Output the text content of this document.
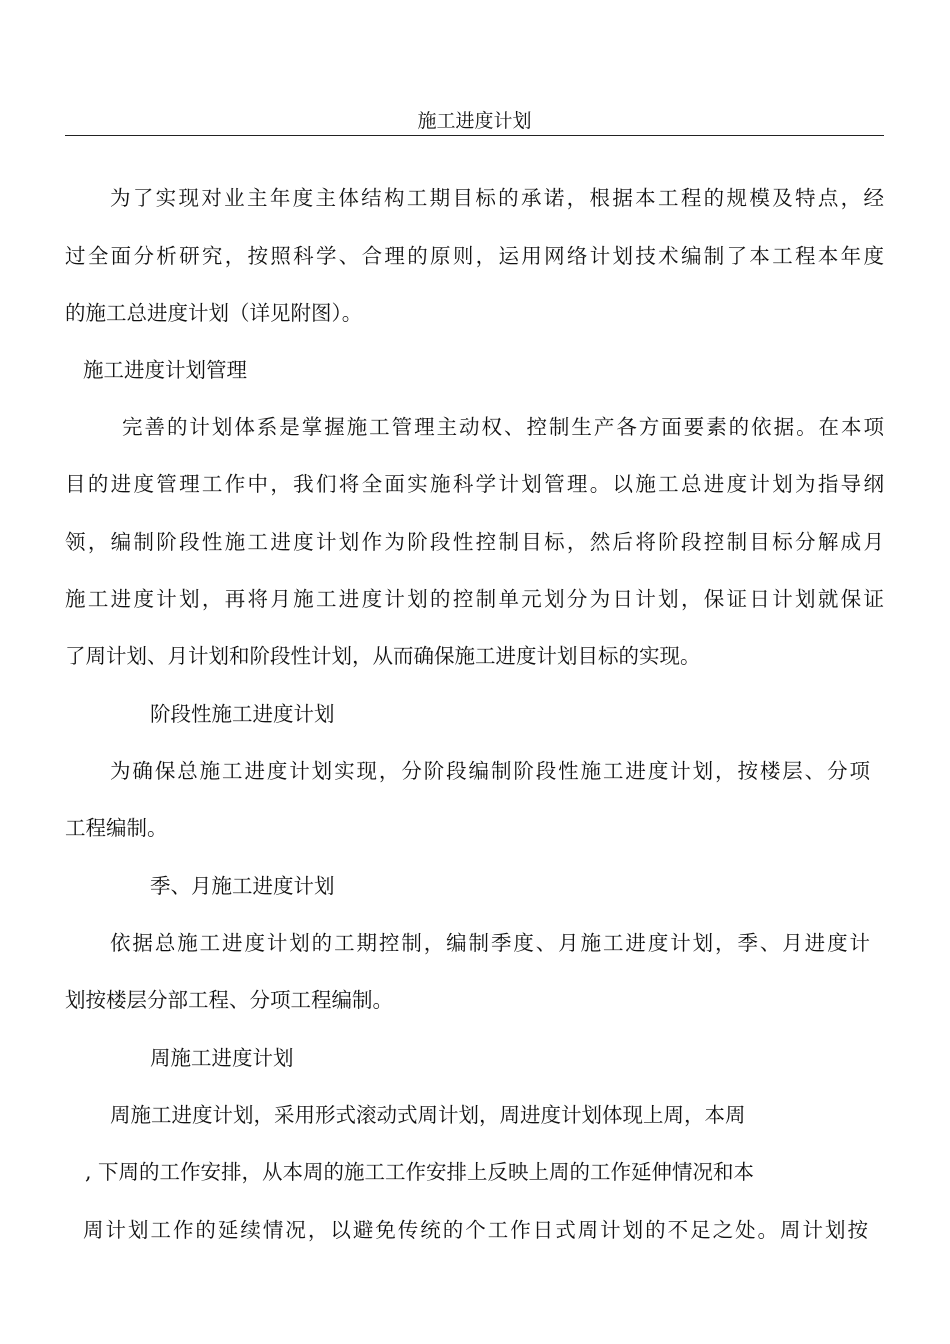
施工进度计划
为了实现对业主年度主体结构工期目标的承诺，根据本工程的规模及特点，经
过全面分析研究，按照科学、合理的原则，运用网络计划技术编制了本工程本年度
的施工总进度计划（详见附图）。
施工进度计划管理
完善的计划体系是掌握施工管理主动权、控制生产各方面要素的依据。在本项
目的进度管理工作中，我们将全面实施科学计划管理。以施工总进度计划为指导纲
领，编制阶段性施工进度计划作为阶段性控制目标，然后将阶段控制目标分解成月
施工进度计划，再将月施工进度计划的控制单元划分为日计划，保证日计划就保证
了周计划、月计划和阶段性计划，从而确保施工进度计划目标的实现。
阶段性施工进度计划
为确保总施工进度计划实现，分阶段编制阶段性施工进度计划，按楼层、分项
工程编制。
季、月施工进度计划
依据总施工进度计划的工期控制，编制季度、月施工进度计划，季、月进度计
划按楼层分部工程、分项工程编制。
周施工进度计划
周施工进度计划，采用形式滚动式周计划，周进度计划体现上周，本周
, 下周的工作安排，从本周的施工工作安排上反映上周的工作延伸情况和本
周计划工作的延续情况，以避免传统的个工作日式周计划的不足之处。周计划按
